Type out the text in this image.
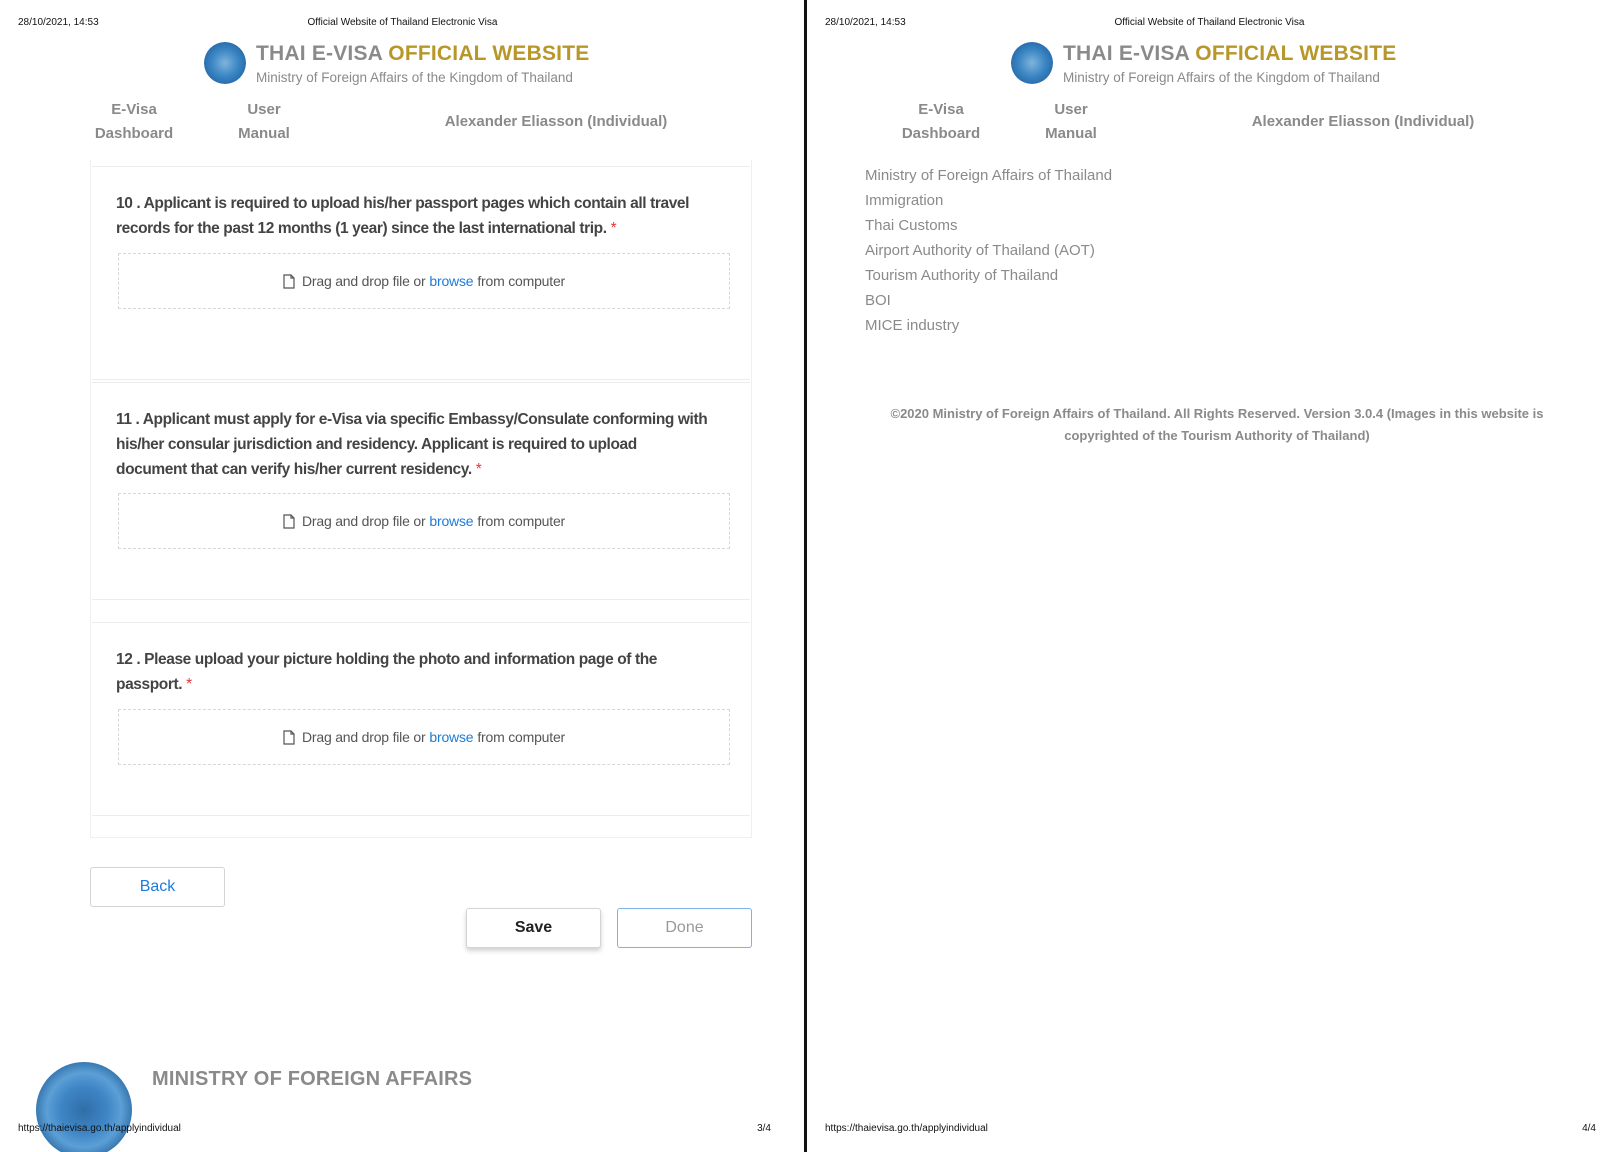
28/10/2021, 14:53	Official Website of Thailand Electronic Visa
THAI E-VISA OFFICIAL WEBSITE
Ministry of Foreign Affairs of the Kingdom of Thailand
E-Visa
Dashboard
User
Manual
Alexander Eliasson (Individual)
10 . Applicant is required to upload his/her passport pages which contain all travel records for the past 12 months (1 year) since the last international trip. *
Drag and drop file or browse from computer
11 . Applicant must apply for e-Visa via specific Embassy/Consulate conforming with his/her consular jurisdiction and residency. Applicant is required to upload document that can verify his/her current residency. *
Drag and drop file or browse from computer
12 . Please upload your picture holding the photo and information page of the passport. *
Drag and drop file or browse from computer
Back
Save	Done
MINISTRY OF FOREIGN AFFAIRS
https://thaievisa.go.th/applyindividual	3/4
28/10/2021, 14:53	Official Website of Thailand Electronic Visa
THAI E-VISA OFFICIAL WEBSITE
Ministry of Foreign Affairs of the Kingdom of Thailand
E-Visa
Dashboard
User
Manual
Alexander Eliasson (Individual)
Ministry of Foreign Affairs of Thailand
Immigration
Thai Customs
Airport Authority of Thailand (AOT)
Tourism Authority of Thailand
BOI
MICE industry
©2020 Ministry of Foreign Affairs of Thailand. All Rights Reserved. Version 3.0.4 (Images in this website is copyrighted of the Tourism Authority of Thailand)
https://thaievisa.go.th/applyindividual	4/4
